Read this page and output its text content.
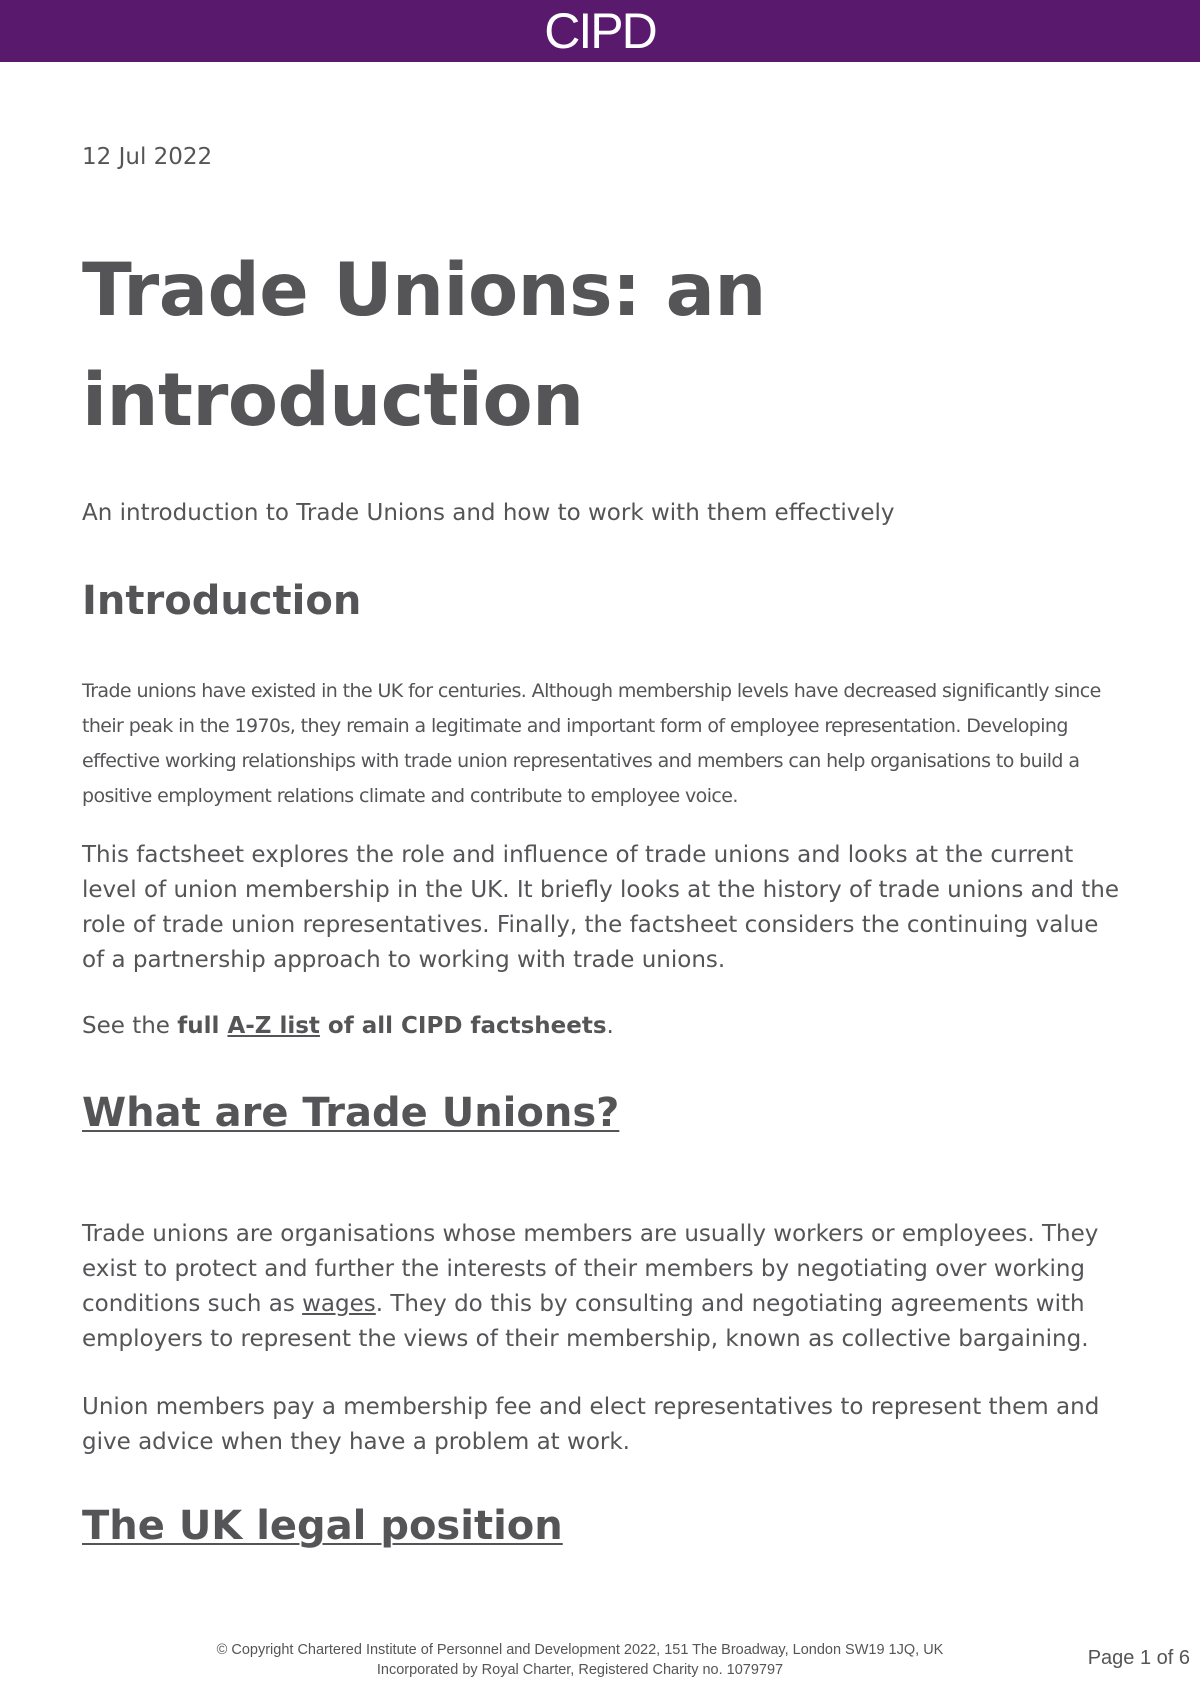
CIPD
12 Jul 2022
Trade Unions: an
introduction
An introduction to Trade Unions and how to work with them effectively
Introduction

Trade unions have existed in the UK for centuries. Although membership levels have decreased significantly since their peak in the 1970s, they remain a legitimate and important form of employee representation. Developing effective working relationships with trade union representatives and members can help organisations to build a positive employment relations climate and contribute to employee voice.

This factsheet explores the role and influence of trade unions and looks at the current level of union membership in the UK. It briefly looks at the history of trade unions and the role of trade union representatives. Finally, the factsheet considers the continuing value of a partnership approach to working with trade unions.

See the full A-Z list of all CIPD factsheets.

What are Trade Unions?

Trade unions are organisations whose members are usually workers or employees. They exist to protect and further the interests of their members by negotiating over working conditions such as wages. They do this by consulting and negotiating agreements with employers to represent the views of their membership, known as collective bargaining.

Union members pay a membership fee and elect representatives to represent them and give advice when they have a problem at work.

The UK legal position
© Copyright Chartered Institute of Personnel and Development 2022, 151 The Broadway, London SW19 1JQ, UK
Incorporated by Royal Charter, Registered Charity no. 1079797
Page 1 of 6
